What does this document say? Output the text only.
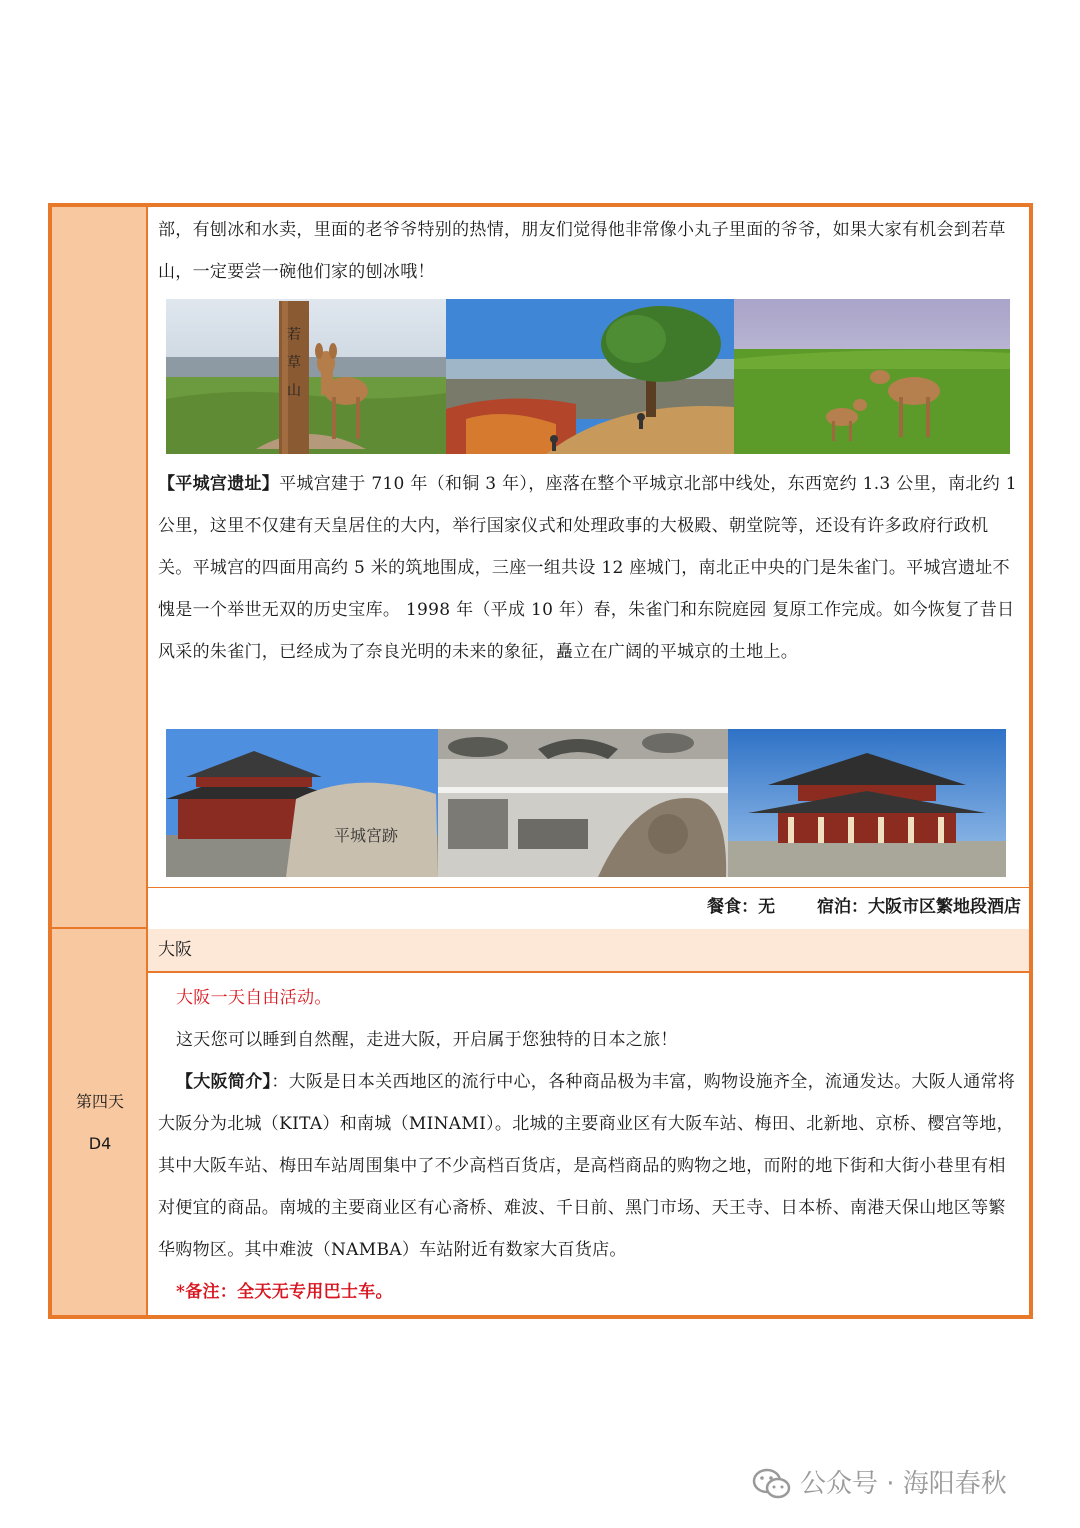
部，有刨冰和水卖，里面的老爷爷特别的热情，朋友们觉得他非常像小丸子里面的爷爷，如果大家有机会到若草山，一定要尝一碗他们家的刨冰哦！

若
草
山

【平城宫遗址】平城宫建于 710 年（和铜 3 年），座落在整个平城京北部中线处，东西宽约 1.3 公里，南北约 1 公里，这里不仅建有天皇居住的大内，举行国家仪式和处理政事的大极殿、朝堂院等，还设有许多政府行政机关。平城宫的四面用高约 5 米的筑地围成，三座一组共设 12 座城门，南北正中央的门是朱雀门。平城宫遗址不愧是一个举世无双的历史宝库。 1998 年（平成 10 年）春，朱雀门和东院庭园 复原工作完成。如今恢复了昔日风采的朱雀门，已经成为了奈良光明的未来的象征，矗立在广阔的平城京的土地上。

平城宮跡
餐食：无 宿泊：大阪市区繁地段酒店
第四天
D4
大阪

大阪一天自由活动。

这天您可以睡到自然醒，走进大阪，开启属于您独特的日本之旅！

【大阪简介】：大阪是日本关西地区的流行中心，各种商品极为丰富，购物设施齐全，流通发达。大阪人通常将大阪分为北城（KITA）和南城（MINAMI）。北城的主要商业区有大阪车站、梅田、北新地、京桥、樱宫等地，其中大阪车站、梅田车站周围集中了不少高档百货店，是高档商品的购物之地，而附的地下街和大街小巷里有相对便宜的商品。南城的主要商业区有心斋桥、难波、千日前、黑门市场、天王寺、日本桥、南港天保山地区等繁华购物区。其中难波（NAMBA）车站附近有数家大百货店。

*备注：全天无专用巴士车。

公众号 · 海阳春秋
